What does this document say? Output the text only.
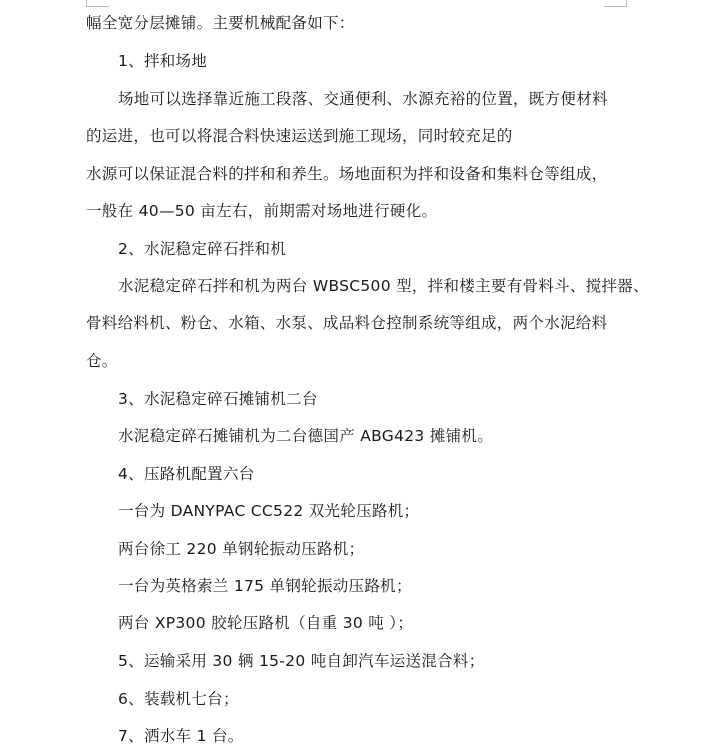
幅全宽分层摊铺。主要机械配备如下：
1、拌和场地
场地可以选择靠近施工段落、交通便利、水源充裕的位置，既方便材料
的运进，也可以将混合料快速运送到施工现场，同时较充足的
水源可以保证混合料的拌和和养生。场地面积为拌和设备和集料仓等组成，
一般在 40—50 亩左右，前期需对场地进行硬化。
2、水泥稳定碎石拌和机
水泥稳定碎石拌和机为两台 WBSC500 型，拌和楼主要有骨料斗、搅拌器、
骨料给料机、粉仓、水箱、水泵、成品料仓控制系统等组成，两个水泥给料
仓。
3、水泥稳定碎石摊铺机二台
水泥稳定碎石摊铺机为二台德国产 ABG423 摊铺机。
4、压路机配置六台
一台为 DANYPAC CC522 双光轮压路机；
两台徐工 220 单钢轮振动压路机；
一台为英格索兰 175 单钢轮振动压路机；
两台 XP300 胶轮压路机（自重 30 吨 ）；
5、运输采用 30 辆 15-20 吨自卸汽车运送混合料；
6、装载机七台；
7、洒水车 1 台。
